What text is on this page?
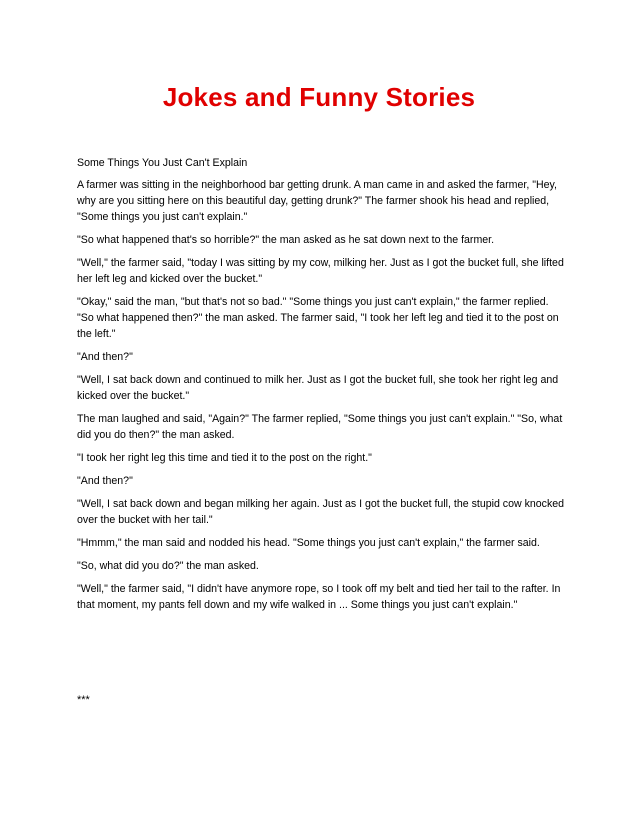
Jokes and Funny Stories

Some Things You Just Can't Explain

A farmer was sitting in the neighborhood bar getting drunk. A man came in and asked the farmer, "Hey, why are you sitting here on this beautiful day, getting drunk?" The farmer shook his head and replied, "Some things you just can't explain."

"So what happened that's so horrible?" the man asked as he sat down next to the farmer.

"Well," the farmer said, "today I was sitting by my cow, milking her. Just as I got the bucket full, she lifted her left leg and kicked over the bucket."

"Okay," said the man, "but that's not so bad." "Some things you just can't explain," the farmer replied. "So what happened then?" the man asked. The farmer said, "I took her left leg and tied it to the post on the left."

"And then?"

"Well, I sat back down and continued to milk her. Just as I got the bucket full, she took her right leg and kicked over the bucket."

The man laughed and said, "Again?" The farmer replied, "Some things you just can't explain." "So, what did you do then?" the man asked.

"I took her right leg this time and tied it to the post on the right."

"And then?"

"Well, I sat back down and began milking her again. Just as I got the bucket full, the stupid cow knocked over the bucket with her tail."

"Hmmm," the man said and nodded his head. "Some things you just can't explain," the farmer said.

"So, what did you do?" the man asked.

"Well," the farmer said, "I didn't have anymore rope, so I took off my belt and tied her tail to the rafter. In that moment, my pants fell down and my wife walked in ... Some things you just can't explain."

***
